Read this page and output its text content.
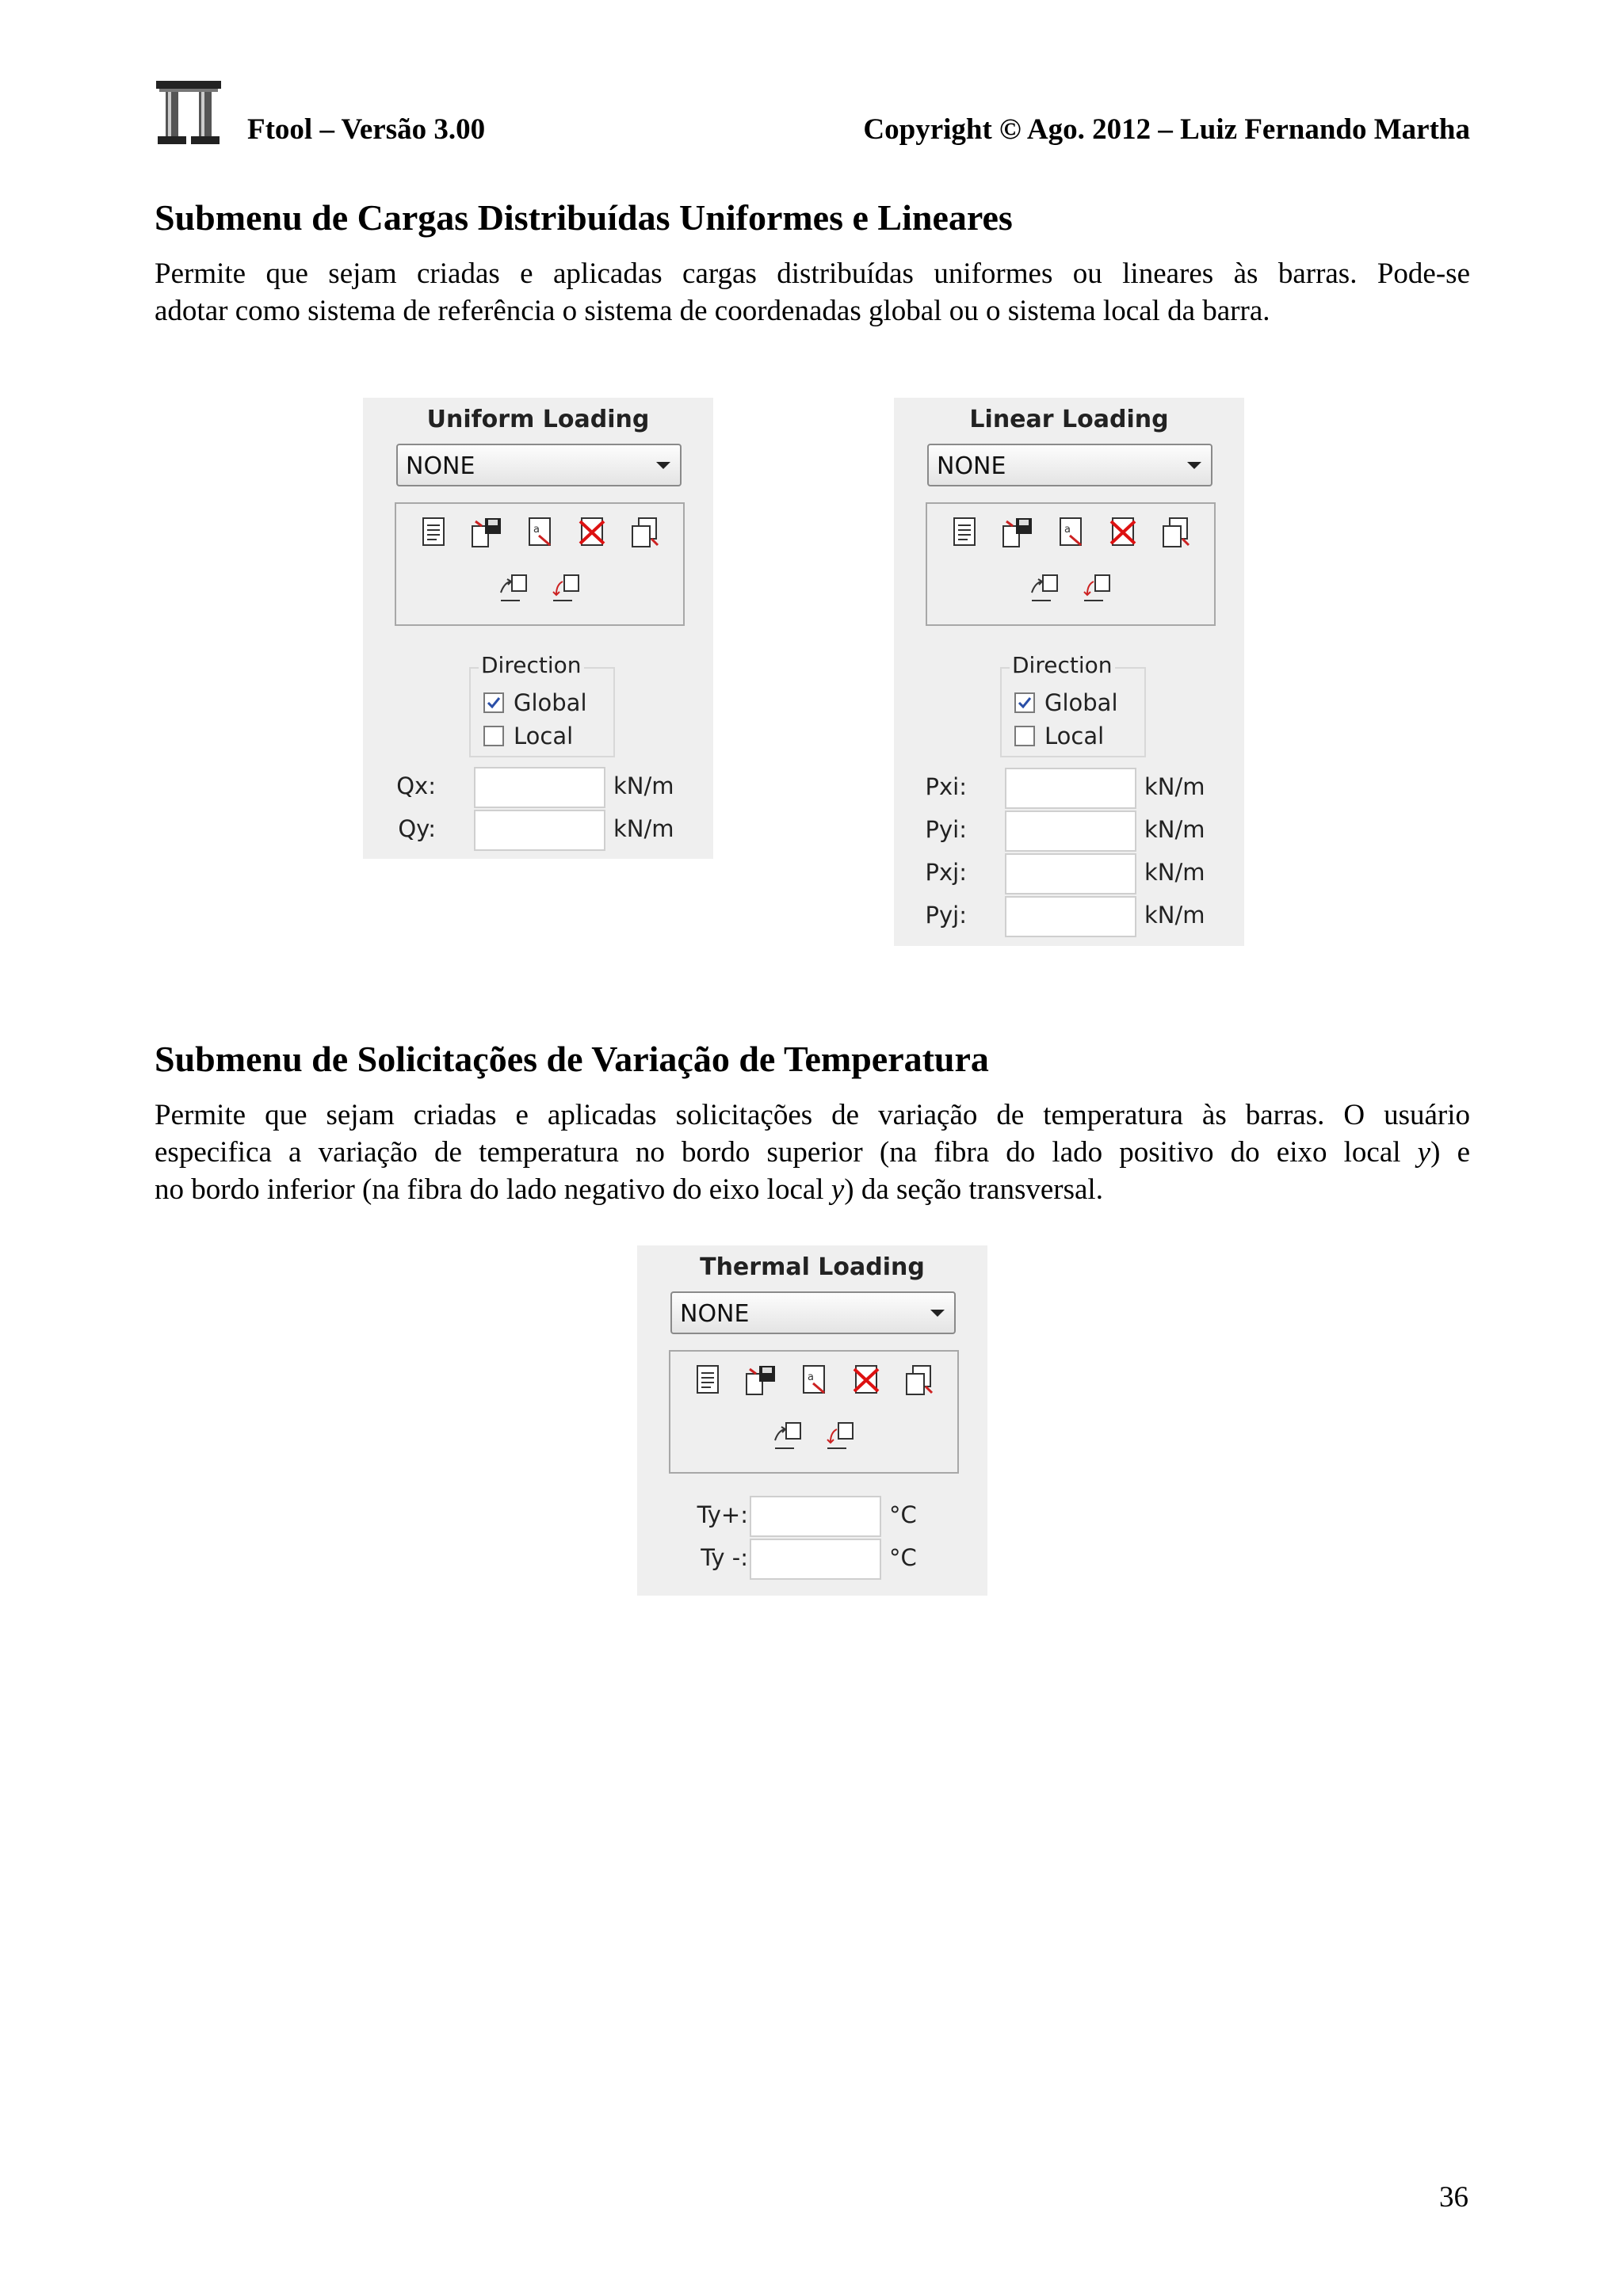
Ftool – Versão 3.00	Copyright © Ago. 2012 – Luiz Fernando Martha
Submenu de Cargas Distribuídas Uniformes e Lineares
Permite que sejam criadas e aplicadas cargas distribuídas uniformes ou lineares às barras. Pode-se
adotar como sistema de referência o sistema de coordenadas global ou o sistema local da barra.
Uniform Loading
NONE
a
Direction
Global
Local
Qx:	kN/m
Qy:	kN/m
Linear Loading
NONE
a
Direction
Global
Local
Pxi:	kN/m
Pyi:	kN/m
Pxj:	kN/m
Pyj:	kN/m
Submenu de Solicitações de Variação de Temperatura
Permite que sejam criadas e aplicadas solicitações de variação de temperatura às barras. O usuário
especifica a variação de temperatura no bordo superior (na fibra do lado positivo do eixo local y) e
no bordo inferior (na fibra do lado negativo do eixo local y) da seção transversal.
Thermal Loading
NONE
a
Ty+:	°C
Ty -:	°C
36
